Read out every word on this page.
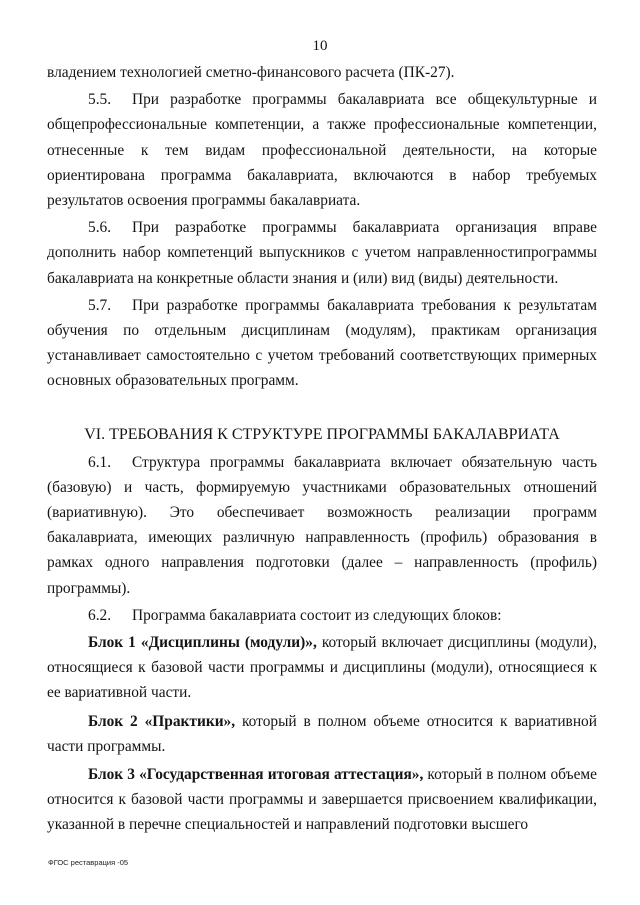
10

владением технологией сметно-финансового расчета (ПК-27).

5.5. При разработке программы бакалавриата все общекультурные и общепрофессиональные компетенции, а также профессиональные компетенции, отнесенные к тем видам профессиональной деятельности, на которые ориентирована программа бакалавриата, включаются в набор требуемых результатов освоения программы бакалавриата.

5.6. При разработке программы бакалавриата организация вправе дополнить набор компетенций выпускников с учетом направленностипрограммы бакалавриата на конкретные области знания и (или) вид (виды) деятельности.

5.7. При разработке программы бакалавриата требования к результатам обучения по отдельным дисциплинам (модулям), практикам организация устанавливает самостоятельно с учетом требований соответствующих примерных основных образовательных программ.

VI. ТРЕБОВАНИЯ К СТРУКТУРЕ ПРОГРАММЫ БАКАЛАВРИАТА

6.1. Структура программы бакалавриата включает обязательную часть (базовую) и часть, формируемую участниками образовательных отношений (вариативную). Это обеспечивает возможность реализации программ бакалавриата, имеющих различную направленность (профиль) образования в рамках одного направления подготовки (далее – направленность (профиль) программы).

6.2. Программа бакалавриата состоит из следующих блоков:

Блок 1 «Дисциплины (модули)», который включает дисциплины (модули), относящиеся к базовой части программы и дисциплины (модули), относящиеся к ее вариативной части.

Блок 2 «Практики», который в полном объеме относится к вариативной части программы.

Блок 3 «Государственная итоговая аттестация», который в полном объеме относится к базовой части программы и завершается присвоением квалификации, указанной в перечне специальностей и направлений подготовки высшего

ФГОС реставрация -05
